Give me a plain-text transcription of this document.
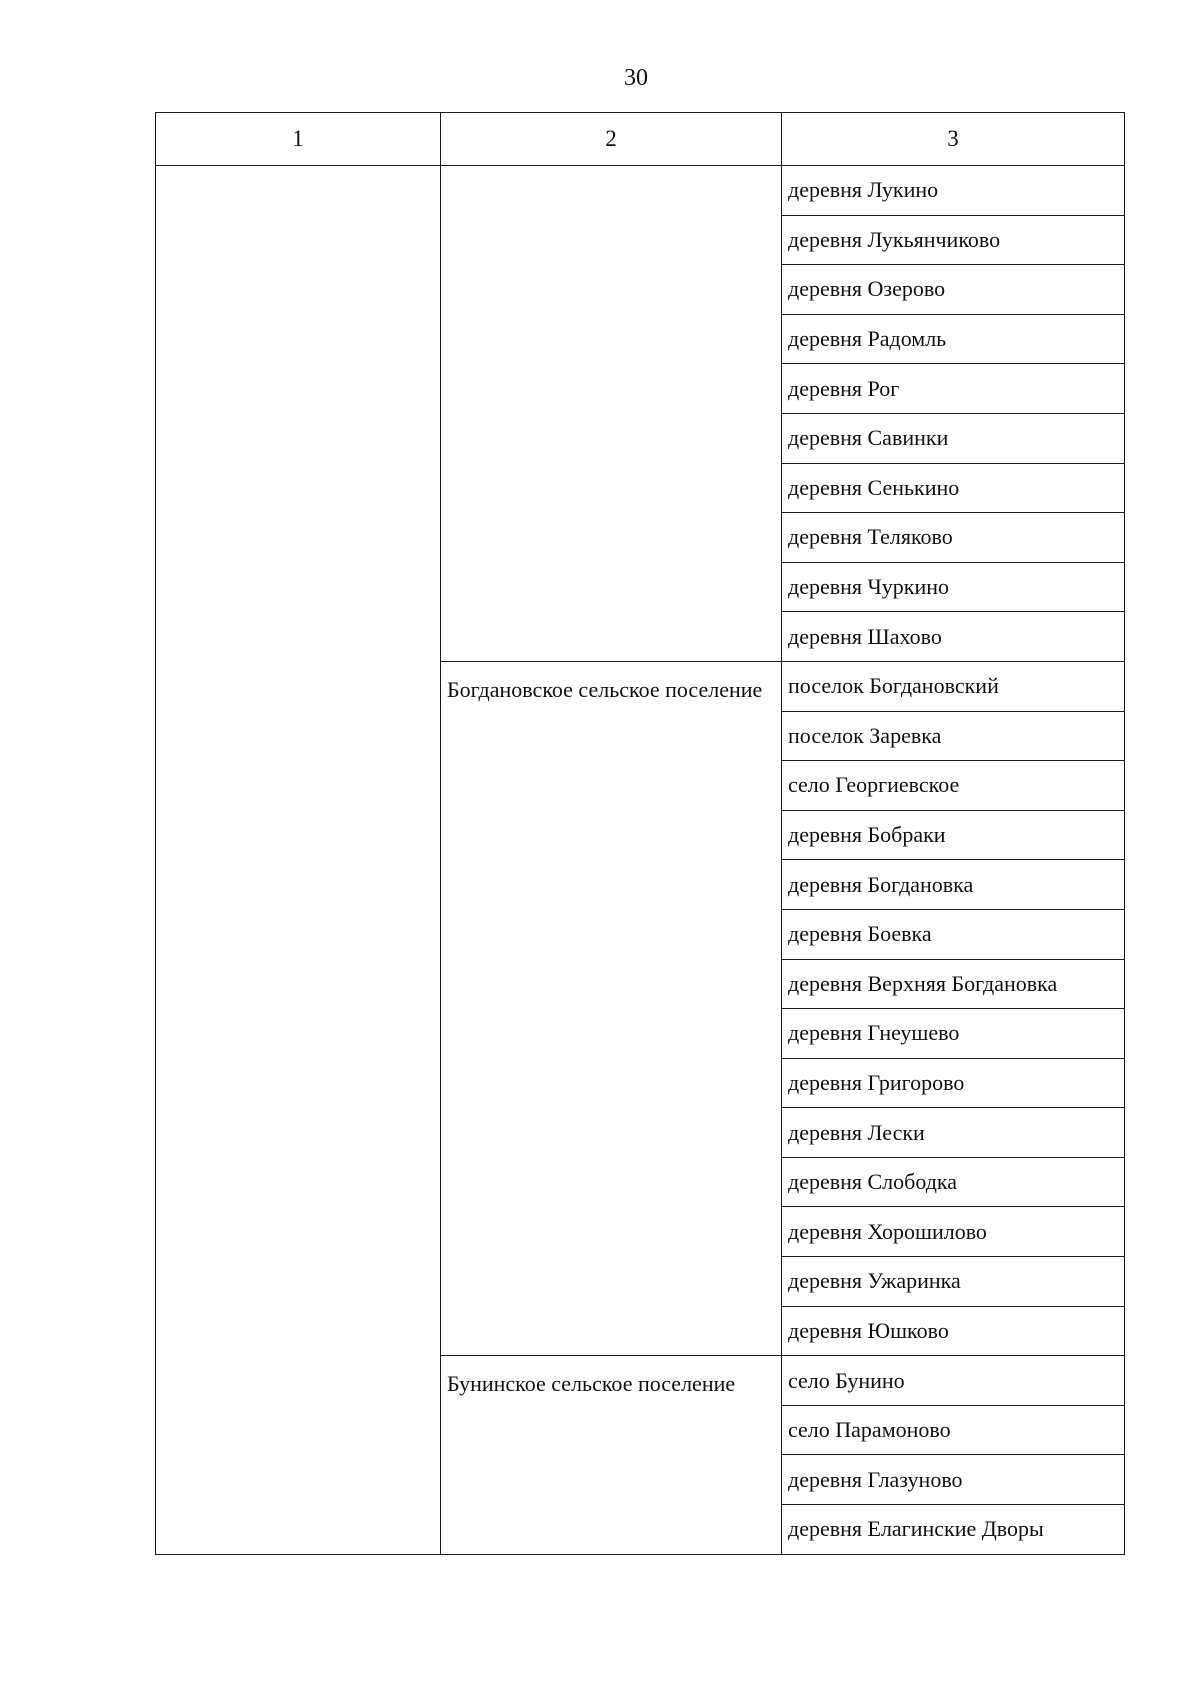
30
1	2	3
		деревня Лукино
		деревня Лукьянчиково
		деревня Озерово
		деревня Радомль
		деревня Рог
		деревня Савинки
		деревня Сенькино
		деревня Теляково
		деревня Чуркино
		деревня Шахово
	Богдановское сельское поселение	поселок Богдановский
		поселок Заревка
		село Георгиевское
		деревня Бобраки
		деревня Богдановка
		деревня Боевка
		деревня Верхняя Богдановка
		деревня Гнеушево
		деревня Григорово
		деревня Лески
		деревня Слободка
		деревня Хорошилово
		деревня Ужаринка
		деревня Юшково
	Бунинское сельское поселение	село Бунино
		село Парамоново
		деревня Глазуново
		деревня Елагинские Дворы
